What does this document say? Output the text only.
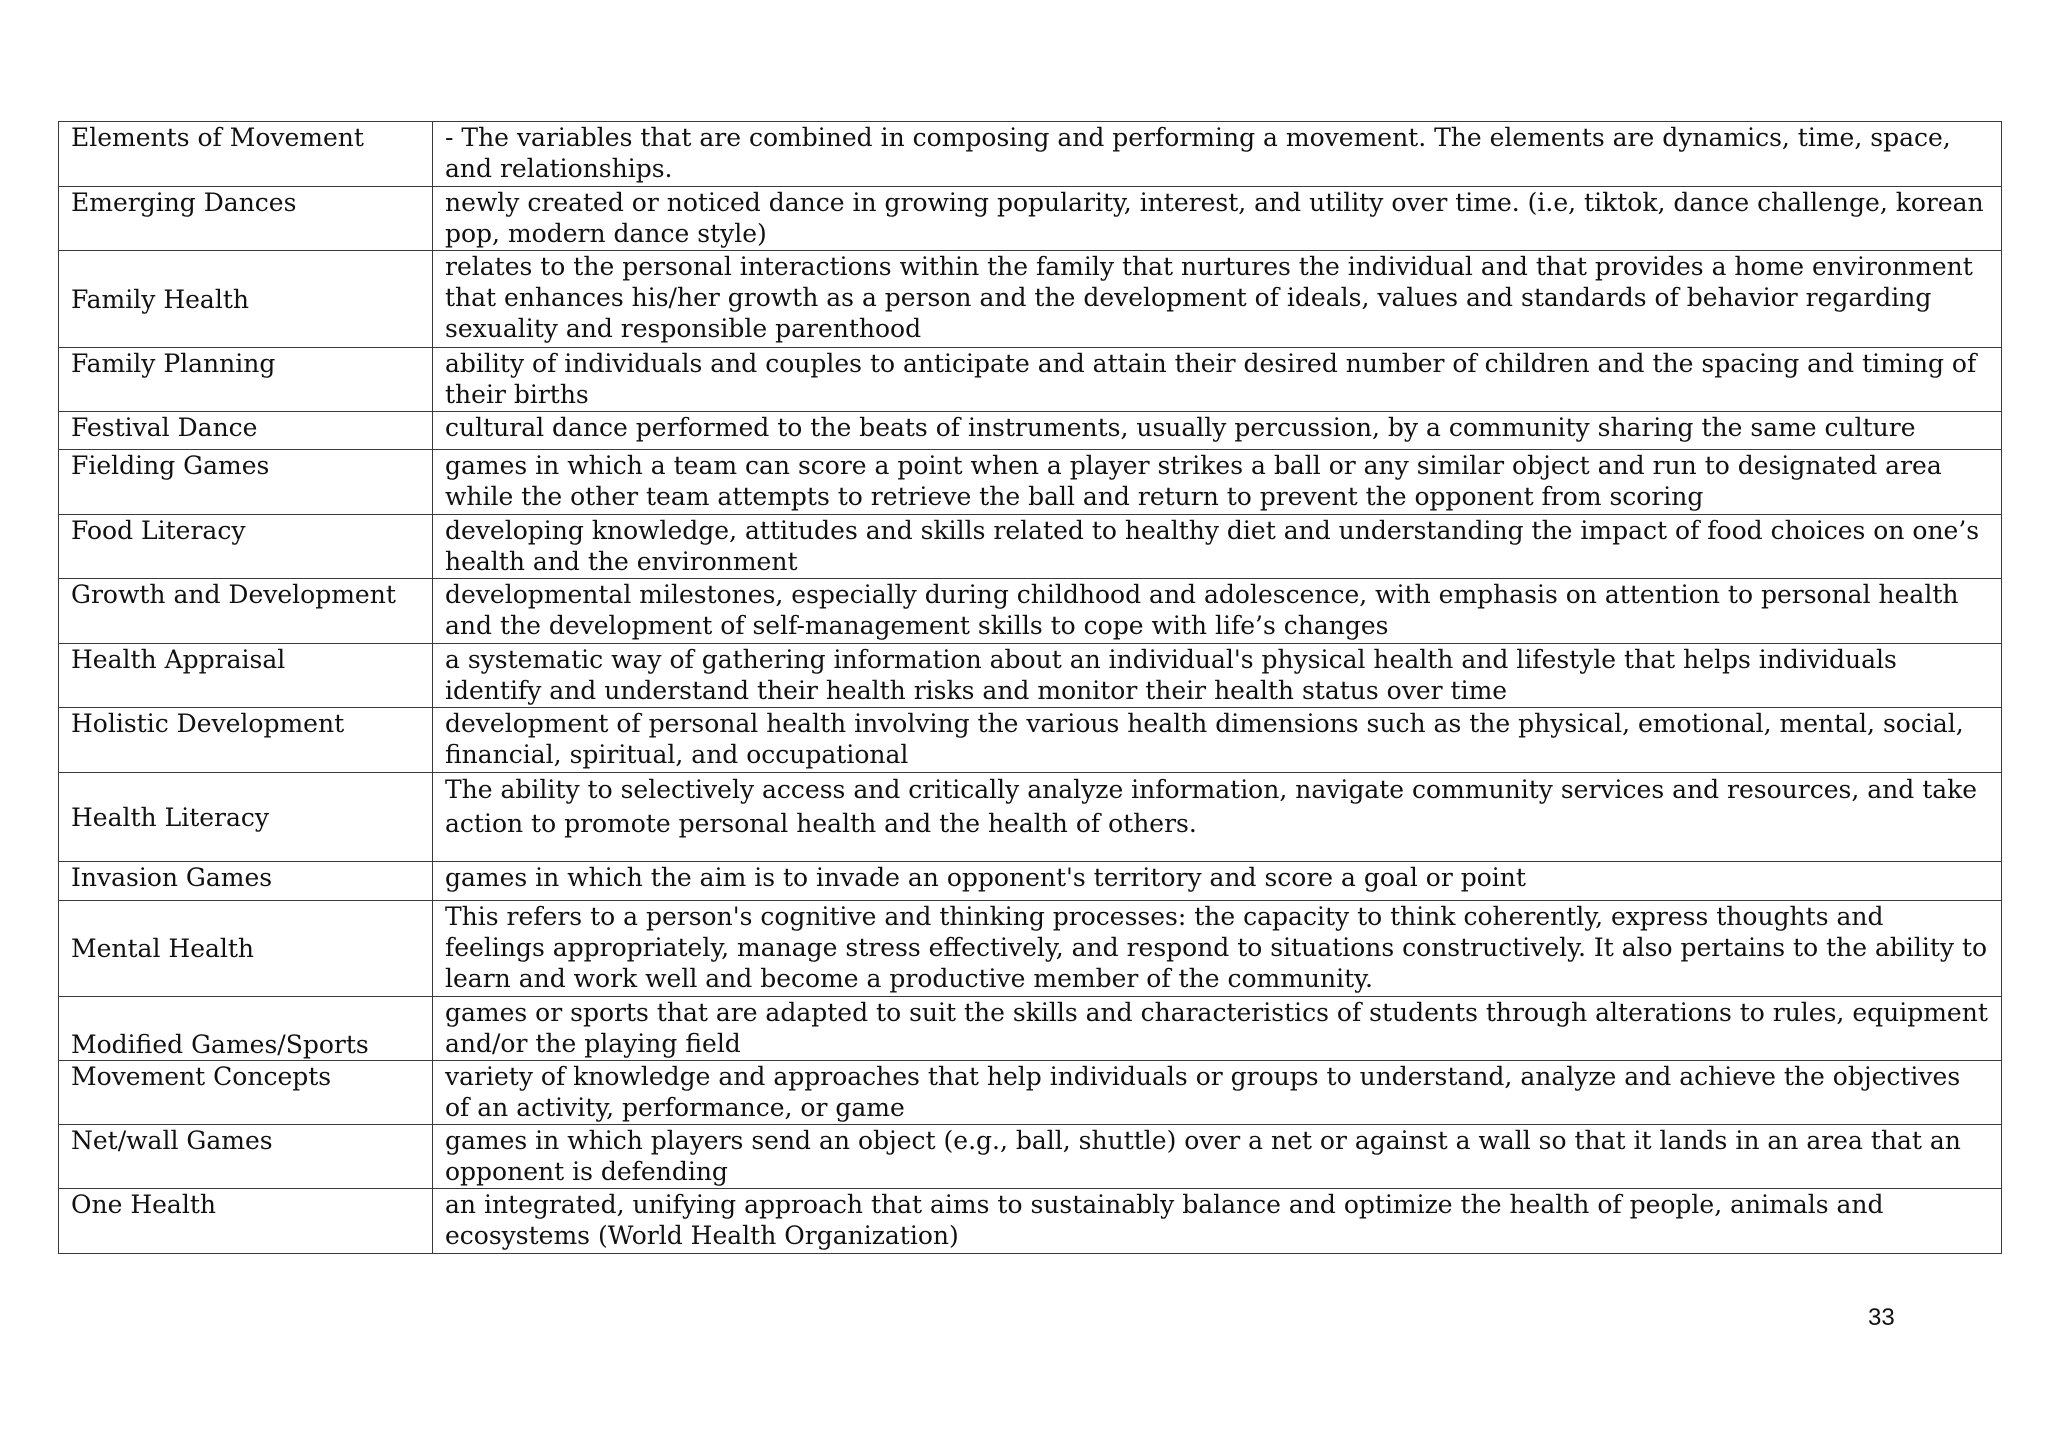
Elements of Movement	- The variables that are combined in composing and performing a movement. The elements are dynamics, time, space, and relationships.
Emerging Dances	newly created or noticed dance in growing popularity, interest, and utility over time. (i.e, tiktok, dance challenge, korean pop, modern dance style)
Family Health	relates to the personal interactions within the family that nurtures the individual and that provides a home environment that enhances his/her growth as a person and the development of ideals, values and standards of behavior regarding sexuality and responsible parenthood
Family Planning	ability of individuals and couples to anticipate and attain their desired number of children and the spacing and timing of their births
Festival Dance	cultural dance performed to the beats of instruments, usually percussion, by a community sharing the same culture
Fielding Games	games in which a team can score a point when a player strikes a ball or any similar object and run to designated area while the other team attempts to retrieve the ball and return to prevent the opponent from scoring
Food Literacy	developing knowledge, attitudes and skills related to healthy diet and understanding the impact of food choices on one’s health and the environment
Growth and Development	developmental milestones, especially during childhood and adolescence, with emphasis on attention to personal health and the development of self-management skills to cope with life’s changes
Health Appraisal	a systematic way of gathering information about an individual's physical health and lifestyle that helps individuals identify and understand their health risks and monitor their health status over time
Holistic Development	development of personal health involving the various health dimensions such as the physical, emotional, mental, social, financial, spiritual, and occupational
Health Literacy	The ability to selectively access and critically analyze information, navigate community services and resources, and take action to promote personal health and the health of others.
Invasion Games	games in which the aim is to invade an opponent's territory and score a goal or point
Mental Health	This refers to a person's cognitive and thinking processes: the capacity to think coherently, express thoughts and feelings appropriately, manage stress effectively, and respond to situations constructively. It also pertains to the ability to learn and work well and become a productive member of the community.
Modified Games/Sports	games or sports that are adapted to suit the skills and characteristics of students through alterations to rules, equipment and/or the playing field
Movement Concepts	variety of knowledge and approaches that help individuals or groups to understand, analyze and achieve the objectives of an activity, performance, or game
Net/wall Games	games in which players send an object (e.g., ball, shuttle) over a net or against a wall so that it lands in an area that an opponent is defending
One Health	an integrated, unifying approach that aims to sustainably balance and optimize the health of people, animals and ecosystems (World Health Organization)
33
